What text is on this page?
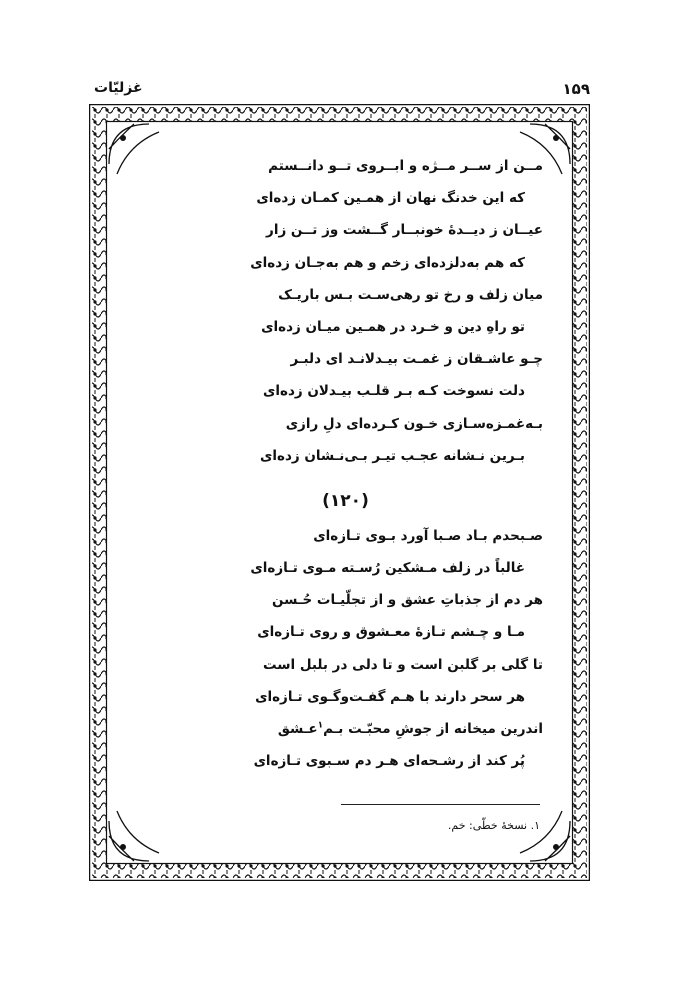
۱۵۹
غزلیّات
مــن از ســر مــژه و ابــروی تــو دانــستم
که این خدنگ نهان از همـین کمـان زده‌ای
عیــان ز دیــدهٔ خونبــار گــشت وز تــن زار
که هم به‌دلزده‌ای زخم و هم به‌جـان زده‌ای
میان زلف و رخ تو رهی‌سـت بـس باریـک
تو راهِ دین و خـرد در همـین میـان زده‌ای
چـو عاشـقان ز غمـت بیـدلانـد ای دلبـر
دلت نسوخت کـه بـر قلـب بیـدلان زده‌ای
بـه‌غمـزه‌سـازی خـون کـرده‌ای دلِ رازی
بـرین نـشانه عجـب تیـر بـی‌نـشان زده‌ای
(۱۲۰)
صـبحدم بـاد صـبا آورد بـوی تـازه‌ای
غالباً در زلف مـشکین رُسـته مـوی تـازه‌ای
هر دم از جذباتِ عشق و از تجلّیـات حُـسن
مـا و چـشم تـازهٔ معـشوق و روی تـازه‌ای
تا گلی بر گلبن است و تا دلی در بلبل است
هر سحر دارند با هـم گفـت‌وگـوی تـازه‌ای
اندرین میخانه از جوشِ محبّـت بـم$^۱$عـشق
پُر کند از رشـحه‌ای هـر دم سـبوی تـازه‌ای
۱. نسخهٔ خطّی: خم.
